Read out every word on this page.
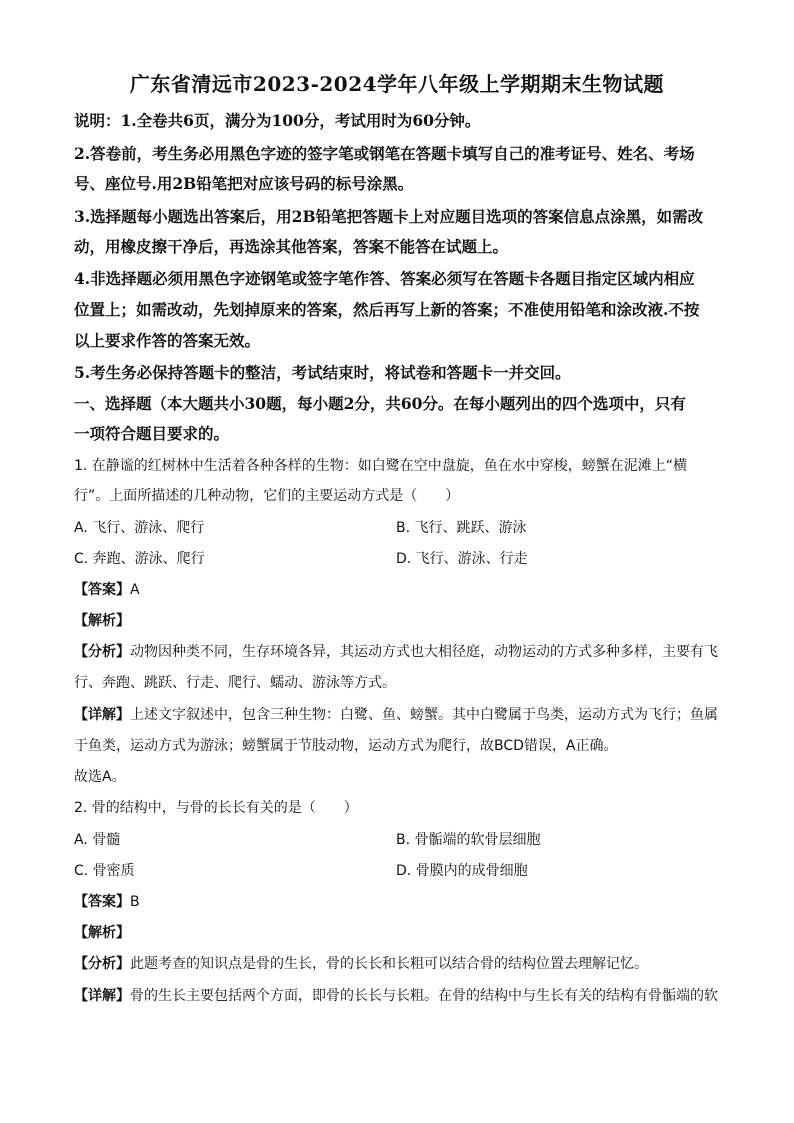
广东省清远市2023-2024学年八年级上学期期末生物试题
说明：1.全卷共6页，满分为100分，考试用时为60分钟。
2.答卷前，考生务必用黑色字迹的签字笔或钢笔在答题卡填写自己的准考证号、姓名、考场
号、座位号.用2B铅笔把对应该号码的标号涂黑。
3.选择题每小题选出答案后，用2B铅笔把答题卡上对应题目选项的答案信息点涂黑，如需改
动，用橡皮擦干净后，再选涂其他答案，答案不能答在试题上。
4.非选择题必须用黑色字迹钢笔或签字笔作答、答案必须写在答题卡各题目指定区域内相应
位置上；如需改动，先划掉原来的答案，然后再写上新的答案；不准使用铅笔和涂改液.不按
以上要求作答的答案无效。
5.考生务必保持答题卡的整洁，考试结束时，将试卷和答题卡一并交回。
一、选择题（本大题共小30题，每小题2分，共60分。在每小题列出的四个选项中，只有
一项符合题目要求的。
1. 在静谧的红树林中生活着各种各样的生物：如白鹭在空中盘旋，鱼在水中穿梭，螃蟹在泥滩上“横
行”。上面所描述的几种动物，它们的主要运动方式是（　　）
A. 飞行、游泳、爬行	B. 飞行、跳跃、游泳
C. 奔跑、游泳、爬行	D. 飞行、游泳、行走
【答案】A
【解析】
【分析】动物因种类不同，生存环境各异，其运动方式也大相径庭，动物运动的方式多种多样，主要有飞
行、奔跑、跳跃、行走、爬行、蠕动、游泳等方式。
【详解】上述文字叙述中，包含三种生物：白鹭、鱼、螃蟹。其中白鹭属于鸟类，运动方式为飞行；鱼属
于鱼类，运动方式为游泳；螃蟹属于节肢动物，运动方式为爬行，故BCD错误，A正确。
故选A。
2. 骨的结构中，与骨的长长有关的是（　　）
A. 骨髓	B. 骨骺端的软骨层细胞
C. 骨密质	D. 骨膜内的成骨细胞
【答案】B
【解析】
【分析】此题考查的知识点是骨的生长，骨的长长和长粗可以结合骨的结构位置去理解记忆。
【详解】骨的生长主要包括两个方面，即骨的长长与长粗。在骨的结构中与生长有关的结构有骨骺端的软
